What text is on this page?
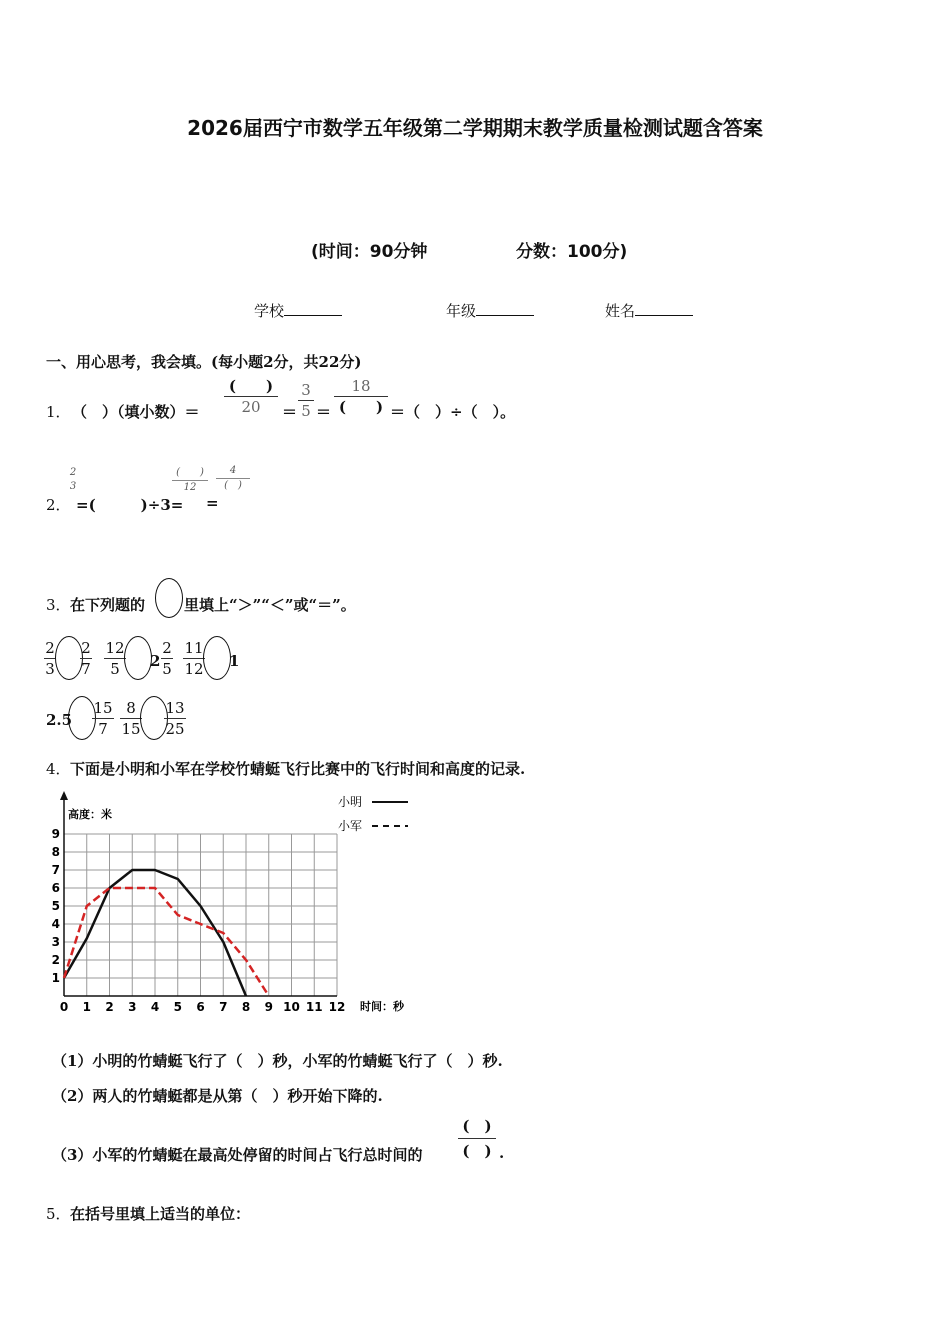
2026届西宁市数学五年级第二学期期末教学质量检测试题含答案
(时间：90分钟	分数：100分)
学校	年级	姓名
一、用心思考，我会填。(每小题2分，共22分)
1． （　）（填小数）＝
(　　)
20	＝
3
5 ＝
18
(　　) ＝（　）÷（　）。
2．
2
3
=(　　　)÷3=
(　　)
12
=
4
(　)
3． 在下列题的	里填上“＞”“＜”或“＝”。
2
3
2
7
12
5	2
2
5
11
12 1
2.5
15
7
8
15
13
25
4． 下面是小明和小军在学校竹蜻蜓飞行比赛中的飞行时间和高度的记录.
0 1 2 3 4 5 6 7 8 9 10 11 12
1
2
3
4
5
6
7
8
9
小明
小军
高度：米
时间：秒
（1）小明的竹蜻蜓飞行了（　）秒，小军的竹蜻蜓飞行了（　）秒.
（2）两人的竹蜻蜓都是从第（　）秒开始下降的.
（3）小军的竹蜻蜓在最高处停留的时间占飞行总时间的
(　)
(　) .
5． 在括号里填上适当的单位：
